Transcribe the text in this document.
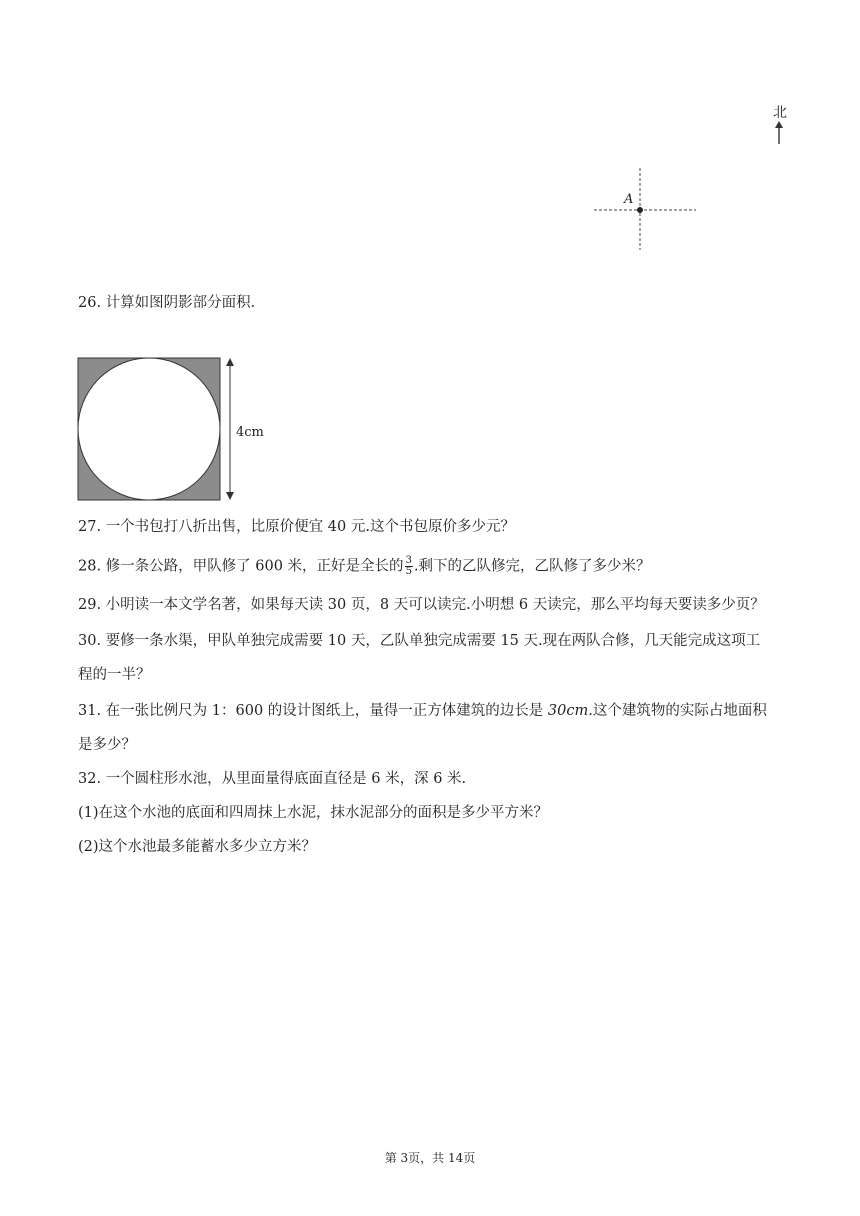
北
A
26. 计算如图阴影部分面积.
4cm
27. 一个书包打八折出售，比原价便宜 40 元.这个书包原价多少元？
28. 修一条公路，甲队修了 600 米，正好是全长的 $\frac{3}{5}$ .剩下的乙队修完，乙队修了多少米？
29. 小明读一本文学名著，如果每天读 30 页，8 天可以读完.小明想 6 天读完，那么平均每天要读多少页？
30. 要修一条水渠，甲队单独完成需要 10 天，乙队单独完成需要 15 天.现在两队合修，几天能完成这项工
程的一半？
31. 在一张比例尺为 1：600 的设计图纸上，量得一正方体建筑的边长是 30cm.这个建筑物的实际占地面积
是多少？
32. 一个圆柱形水池，从里面量得底面直径是 6 米，深 6 米.
(1)在这个水池的底面和四周抹上水泥，抹水泥部分的面积是多少平方米？
(2)这个水池最多能蓄水多少立方米？
第 3页，共 14页
